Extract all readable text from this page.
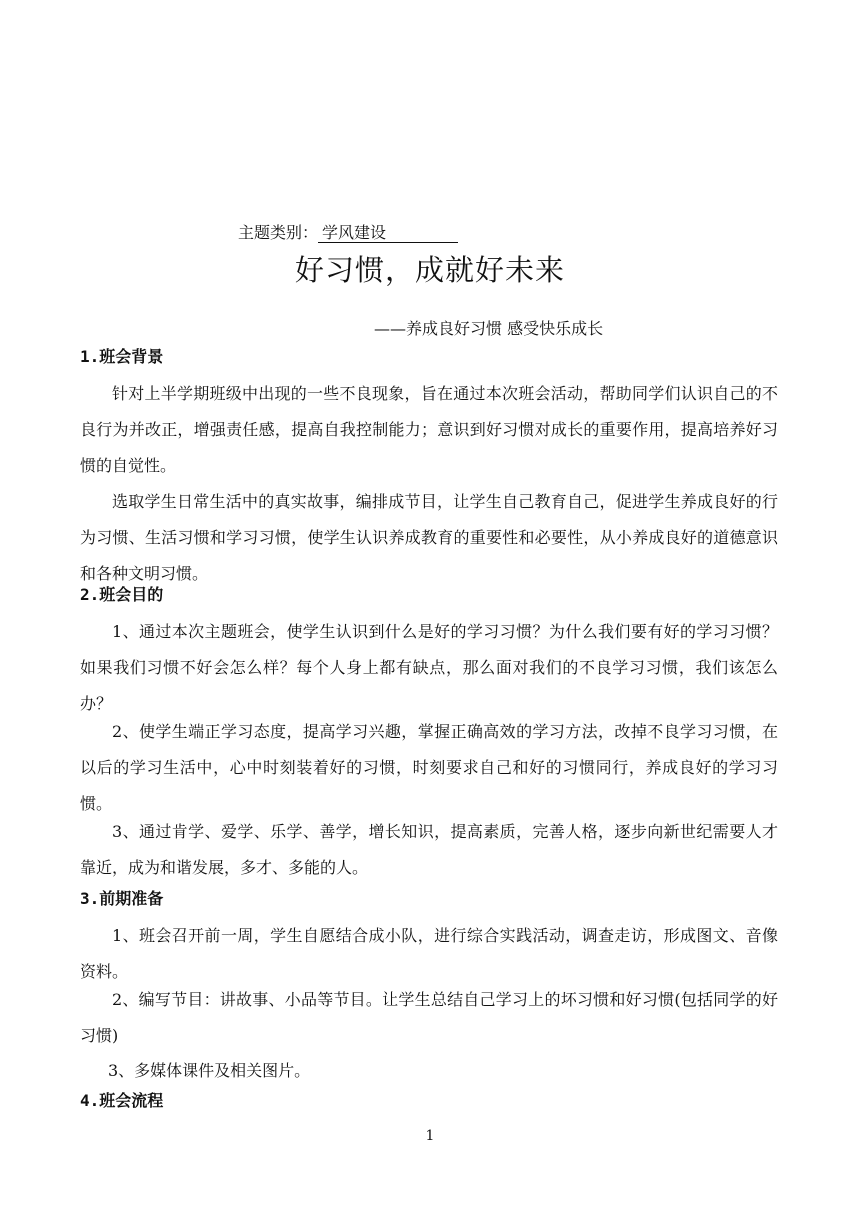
主题类别： 学风建设
好习惯，成就好未来
——养成良好习惯 感受快乐成长
1.班会背景
针对上半学期班级中出现的一些不良现象，旨在通过本次班会活动，帮助同学们认识自己的不良行为并改正，增强责任感，提高自我控制能力；意识到好习惯对成长的重要作用，提高培养好习惯的自觉性。
选取学生日常生活中的真实故事，编排成节目，让学生自己教育自己，促进学生养成良好的行为习惯、生活习惯和学习习惯，使学生认识养成教育的重要性和必要性，从小养成良好的道德意识和各种文明习惯。
2.班会目的
1、通过本次主题班会，使学生认识到什么是好的学习习惯？为什么我们要有好的学习习惯？如果我们习惯不好会怎么样？每个人身上都有缺点，那么面对我们的不良学习习惯，我们该怎么办？
2、使学生端正学习态度，提高学习兴趣，掌握正确高效的学习方法，改掉不良学习习惯，在以后的学习生活中，心中时刻装着好的习惯，时刻要求自己和好的习惯同行，养成良好的学习习惯。
3、通过肯学、爱学、乐学、善学，增长知识，提高素质，完善人格，逐步向新世纪需要人才靠近，成为和谐发展，多才、多能的人。
3.前期准备
1、班会召开前一周，学生自愿结合成小队，进行综合实践活动，调查走访，形成图文、音像资料。
2、编写节目：讲故事、小品等节目。让学生总结自己学习上的坏习惯和好习惯(包括同学的好习惯)
3、多媒体课件及相关图片。
4.班会流程
1
